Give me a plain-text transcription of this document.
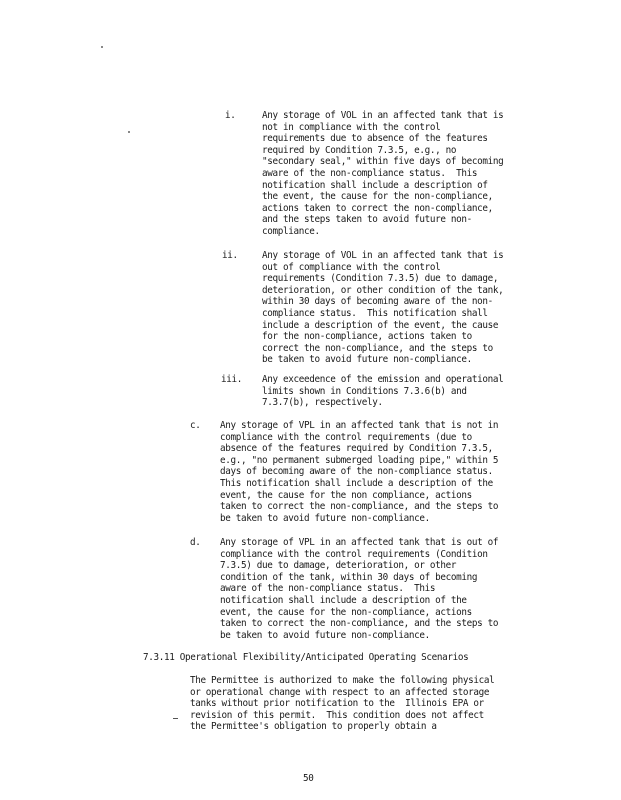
i.	Any storage of VOL in an affected tank that is
not in compliance with the control
requirements due to absence of the features
required by Condition 7.3.5, e.g., no
"secondary seal," within five days of becoming
aware of the non-compliance status.  This
notification shall include a description of
the event, the cause for the non-compliance,
actions taken to correct the non-compliance,
and the steps taken to avoid future non-
compliance.
ii.	Any storage of VOL in an affected tank that is
out of compliance with the control
requirements (Condition 7.3.5) due to damage,
deterioration, or other condition of the tank,
within 30 days of becoming aware of the non-
compliance status.  This notification shall
include a description of the event, the cause
for the non-compliance, actions taken to
correct the non-compliance, and the steps to
be taken to avoid future non-compliance.
iii. Any exceedence of the emission and operational
limits shown in Conditions 7.3.6(b) and
7.3.7(b), respectively.
c. Any storage of VPL in an affected tank that is not in
compliance with the control requirements (due to
absence of the features required by Condition 7.3.5,
e.g., "no permanent submerged loading pipe," within 5
days of becoming aware of the non-compliance status.
This notification shall include a description of the
event, the cause for the non compliance, actions
taken to correct the non-compliance, and the steps to
be taken to avoid future non-compliance.
d. Any storage of VPL in an affected tank that is out of
compliance with the control requirements (Condition
7.3.5) due to damage, deterioration, or other
condition of the tank, within 30 days of becoming
aware of the non-compliance status.  This
notification shall include a description of the
event, the cause for the non-compliance, actions
taken to correct the non-compliance, and the steps to
be taken to avoid future non-compliance.
7.3.11 Operational Flexibility/Anticipated Operating Scenarios
The Permittee is authorized to make the following physical
or operational change with respect to an affected storage
tanks without prior notification to the  Illinois EPA or
revision of this permit.  This condition does not affect
the Permittee's obligation to properly obtain a
50
